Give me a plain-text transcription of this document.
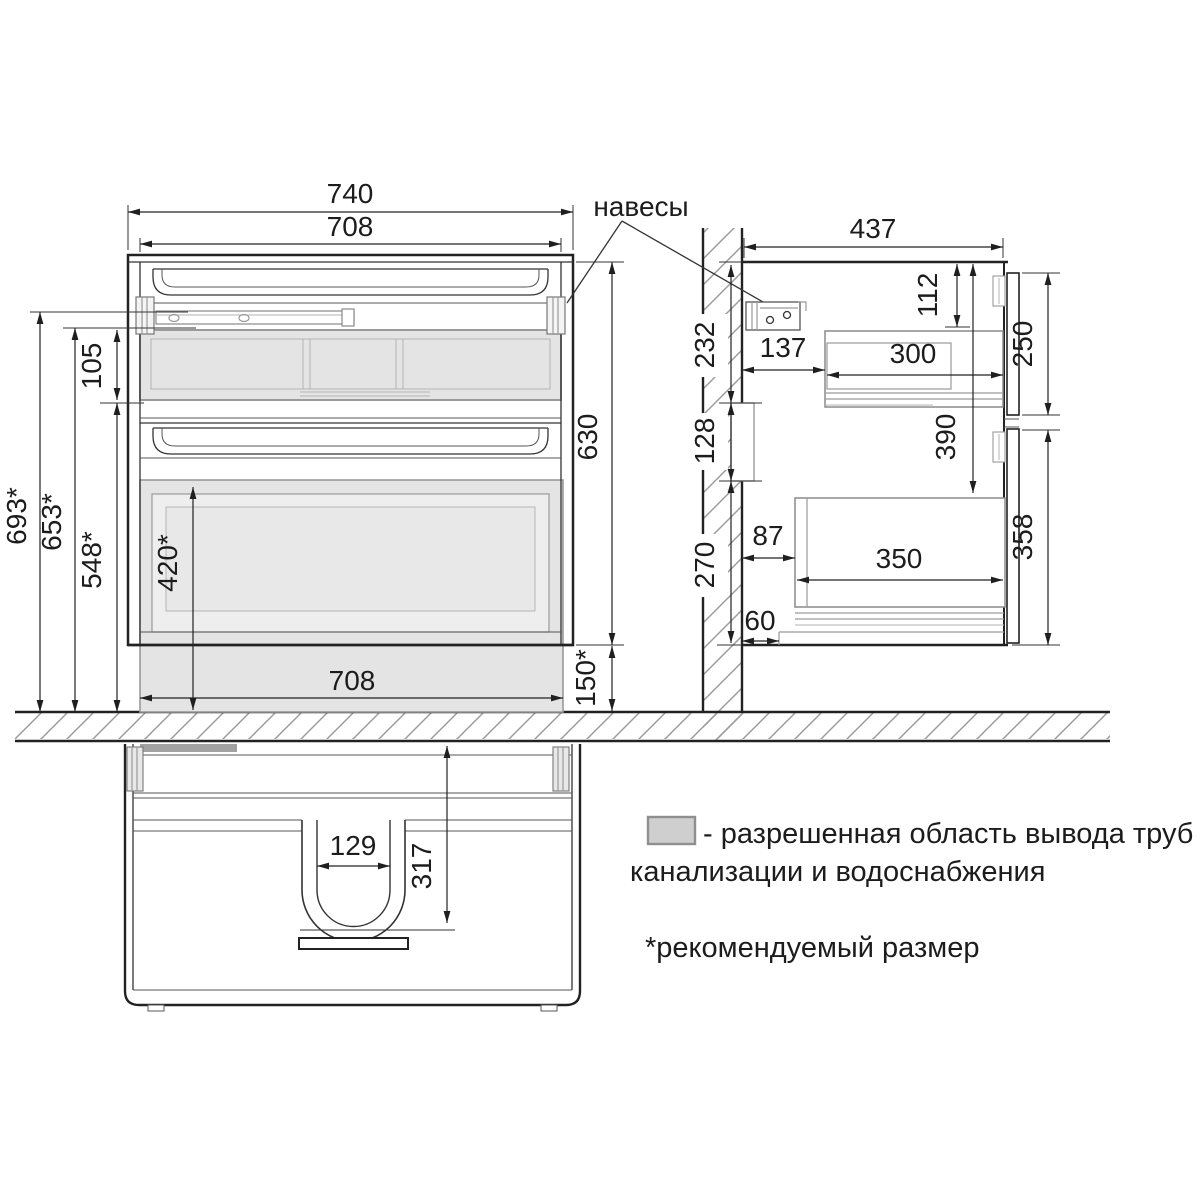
740
708
693* 653*
105
548* 420*
630
150*
708
навесы
437
112
390
232
128
270
137	300
87
350
60
250
358
129 317
- разрешенная область вывода труб
канализации и водоснабжения
*рекомендуемый размер
